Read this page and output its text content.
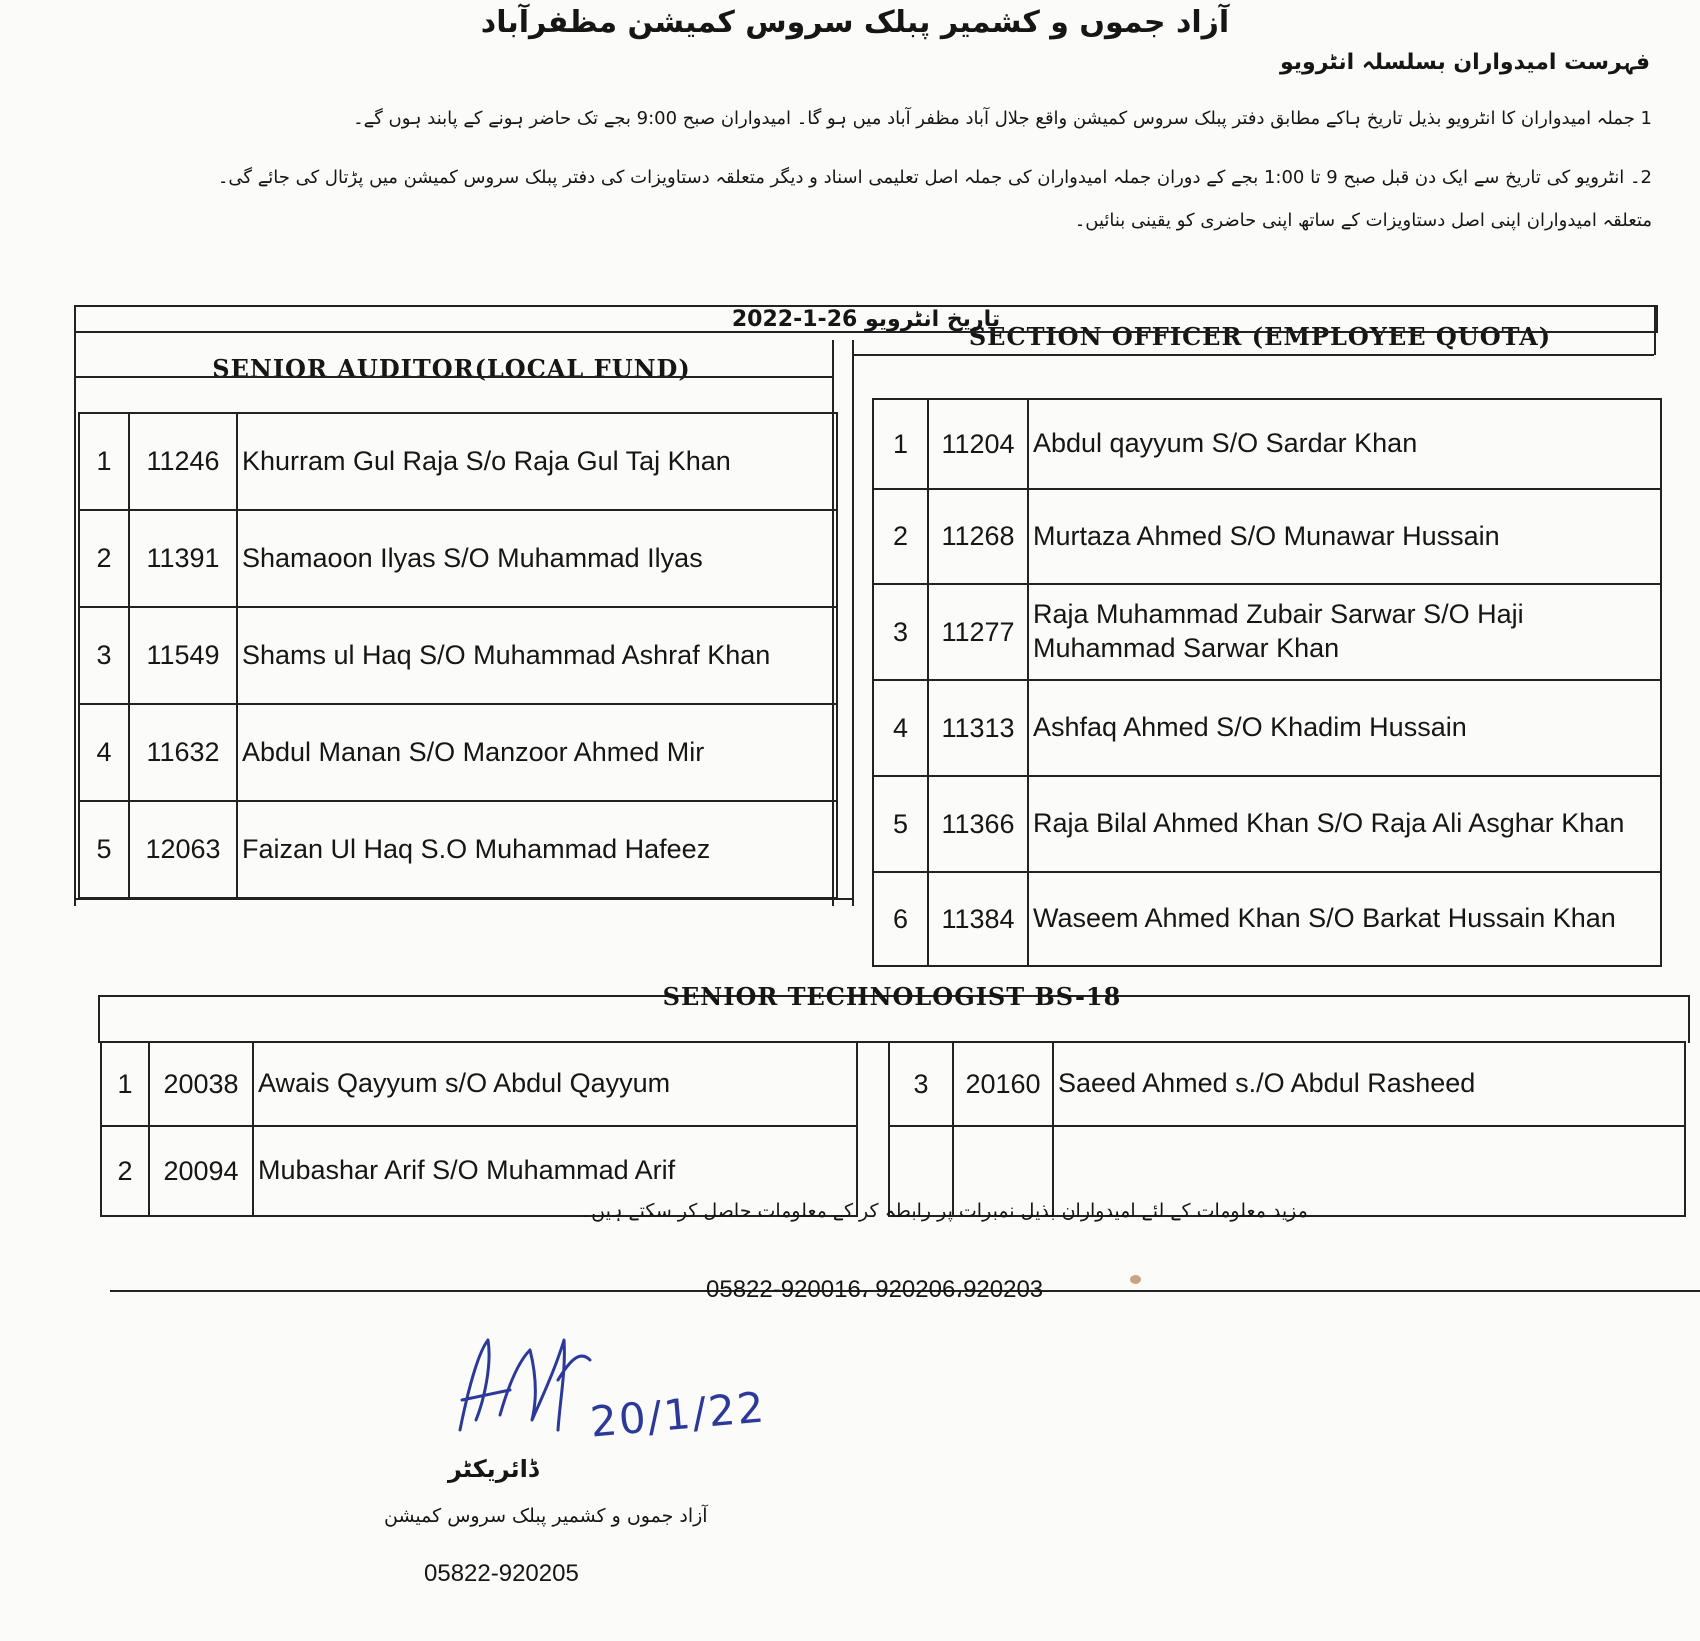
آزاد جموں و کشمیر پبلک سروس کمیشن مظفرآباد
فہرست امیدواران بسلسلہ انٹرویو
1 جملہ امیدواران کا انٹرویو بذیل تاریخ ہاکے مطابق دفتر پبلک سروس کمیشن واقع جلال آباد مظفر آباد میں ہو گا۔ امیدواران صبح 9:00 بجے تک حاضر ہونے کے پابند ہوں گے۔
2۔ انٹرویو کی تاریخ سے ایک دن قبل صبح 9 تا 1:00 بجے کے دوران جملہ امیدواران کی جملہ اصل تعلیمی اسناد و دیگر متعلقہ دستاویزات کی دفتر پبلک سروس کمیشن میں پڑتال کی جائے گی۔
متعلقہ امیدواران اپنی اصل دستاویزات کے ساتھ اپنی حاضری کو یقینی بنائیں۔
تاریخ انٹرویو 26-1-2022
SENIOR AUDITOR(LOCAL FUND)
SECTION OFFICER (EMPLOYEE QUOTA)
1	11246	Khurram Gul Raja S/o Raja Gul Taj Khan
2	11391	Shamaoon Ilyas S/O Muhammad Ilyas
3	11549	Shams ul Haq S/O Muhammad Ashraf Khan
4	11632	Abdul Manan S/O Manzoor Ahmed Mir
5	12063	Faizan Ul Haq S.O Muhammad Hafeez
1	11204	Abdul qayyum S/O Sardar Khan
2	11268	Murtaza Ahmed S/O Munawar Hussain
3	11277	Raja Muhammad Zubair Sarwar S/O Haji Muhammad Sarwar Khan
4	11313	Ashfaq Ahmed S/O Khadim Hussain
5	11366	Raja Bilal Ahmed Khan S/O Raja Ali Asghar Khan
6	11384	Waseem Ahmed Khan S/O Barkat Hussain Khan
SENIOR TECHNOLOGIST BS-18
1	20038	Awais Qayyum s/O Abdul Qayyum
2	20094	Mubashar Arif S/O Muhammad Arif
3	20160	Saeed Ahmed s./O Abdul Rasheed

مزید معلومات کے لئے امیدواران بذیل نمبرات پر رابطہ کر کے معلومات حاصل کر سکتے ہیں۔
05822-920016، 920206،920203
20/1/22
ڈائریکٹر
آزاد جموں و کشمیر پبلک سروس کمیشن
05822-920205
